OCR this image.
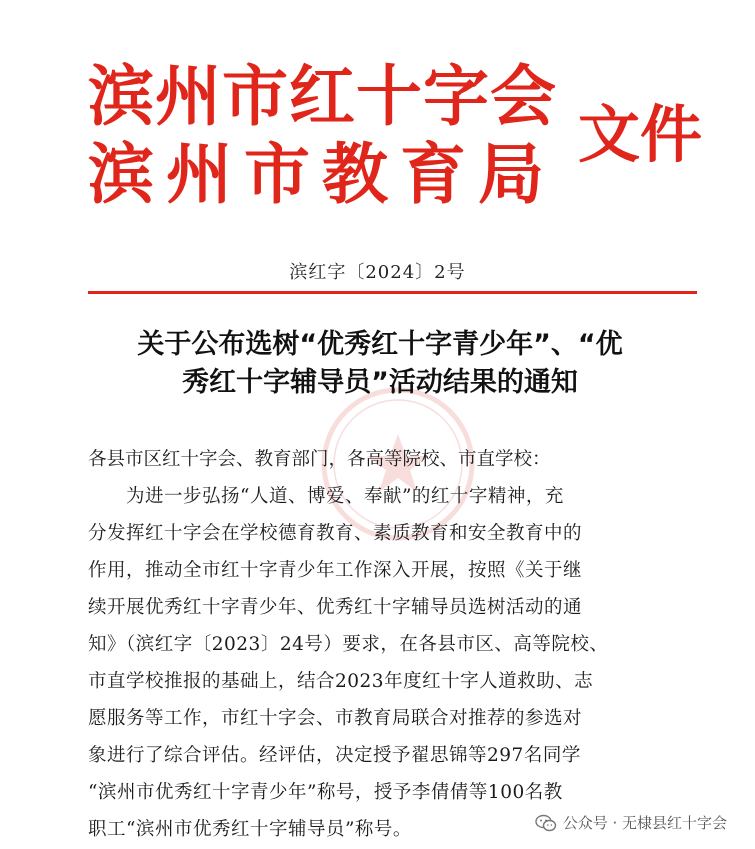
滨州市红十字会
滨州市教育局
文件
滨红字〔2024〕2号
关于公布选树“优秀红十字青少年”、“优
秀红十字辅导员”活动结果的通知
各县市区红十字会、教育部门，各高等院校、市直学校：
　　为进一步弘扬“人道、博爱、奉献”的红十字精神，充
分发挥红十字会在学校德育教育、素质教育和安全教育中的
作用，推动全市红十字青少年工作深入开展，按照《关于继
续开展优秀红十字青少年、优秀红十字辅导员选树活动的通
知》（滨红字〔2023〕24号）要求，在各县市区、高等院校、
市直学校推报的基础上，结合2023年度红十字人道救助、志
愿服务等工作，市红十字会、市教育局联合对推荐的参选对
象进行了综合评估。经评估，决定授予翟思锦等297名同学
“滨州市优秀红十字青少年”称号，授予李倩倩等100名教
职工“滨州市优秀红十字辅导员”称号。	公众号 · 无棣县红十字会
